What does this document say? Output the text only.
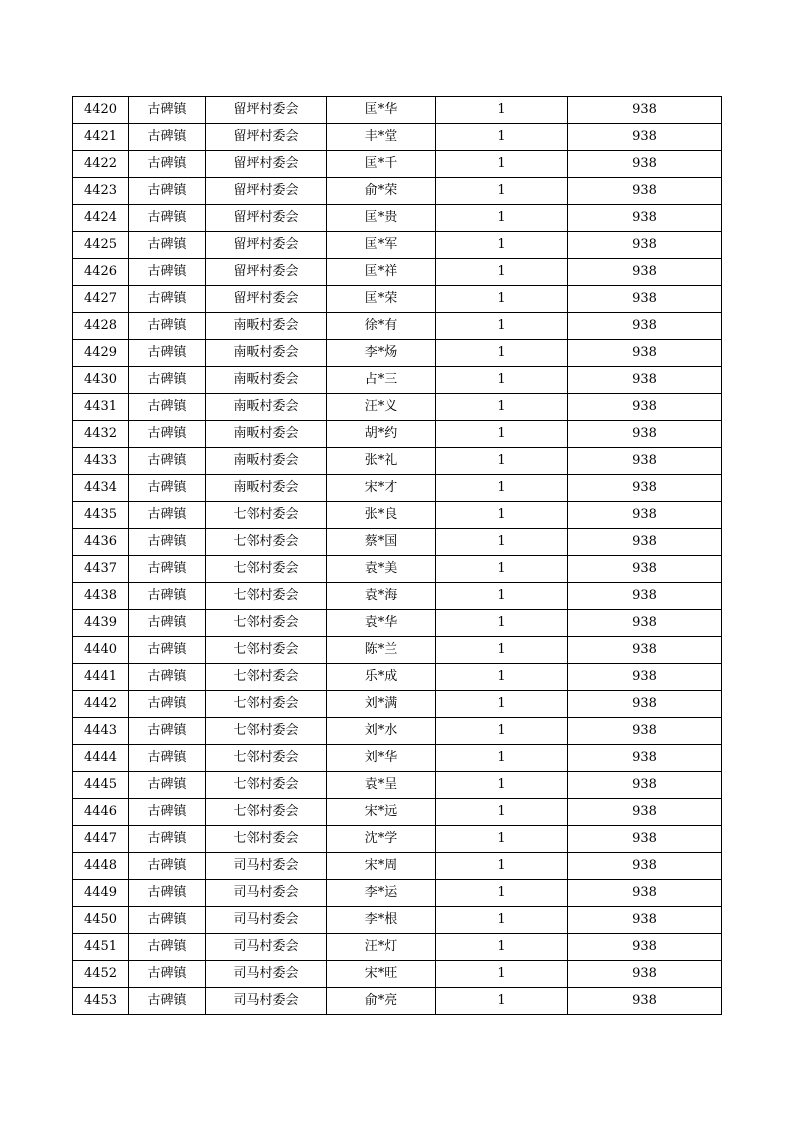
4420	古碑镇	留坪村委会	匡*华	1	938
4421	古碑镇	留坪村委会	丰*堂	1	938
4422	古碑镇	留坪村委会	匡*千	1	938
4423	古碑镇	留坪村委会	俞*荣	1	938
4424	古碑镇	留坪村委会	匡*贵	1	938
4425	古碑镇	留坪村委会	匡*军	1	938
4426	古碑镇	留坪村委会	匡*祥	1	938
4427	古碑镇	留坪村委会	匡*荣	1	938
4428	古碑镇	南畈村委会	徐*有	1	938
4429	古碑镇	南畈村委会	李*炀	1	938
4430	古碑镇	南畈村委会	占*三	1	938
4431	古碑镇	南畈村委会	汪*义	1	938
4432	古碑镇	南畈村委会	胡*约	1	938
4433	古碑镇	南畈村委会	张*礼	1	938
4434	古碑镇	南畈村委会	宋*才	1	938
4435	古碑镇	七邻村委会	张*良	1	938
4436	古碑镇	七邻村委会	蔡*国	1	938
4437	古碑镇	七邻村委会	袁*美	1	938
4438	古碑镇	七邻村委会	袁*海	1	938
4439	古碑镇	七邻村委会	袁*华	1	938
4440	古碑镇	七邻村委会	陈*兰	1	938
4441	古碑镇	七邻村委会	乐*成	1	938
4442	古碑镇	七邻村委会	刘*满	1	938
4443	古碑镇	七邻村委会	刘*水	1	938
4444	古碑镇	七邻村委会	刘*华	1	938
4445	古碑镇	七邻村委会	袁*呈	1	938
4446	古碑镇	七邻村委会	宋*远	1	938
4447	古碑镇	七邻村委会	沈*学	1	938
4448	古碑镇	司马村委会	宋*周	1	938
4449	古碑镇	司马村委会	李*运	1	938
4450	古碑镇	司马村委会	李*根	1	938
4451	古碑镇	司马村委会	汪*灯	1	938
4452	古碑镇	司马村委会	宋*旺	1	938
4453	古碑镇	司马村委会	俞*亮	1	938
